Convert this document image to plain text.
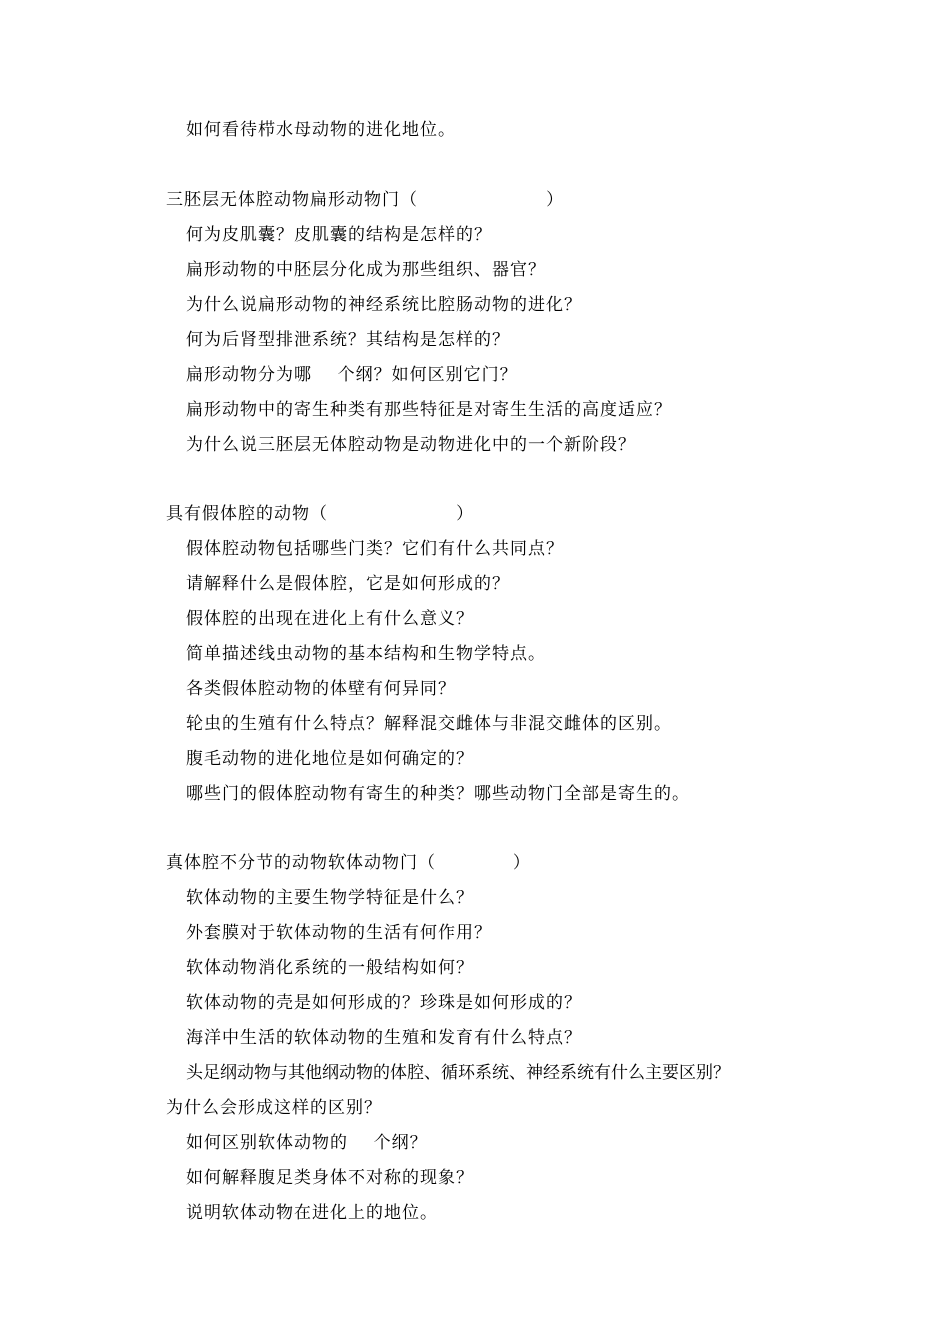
如何看待栉水母动物的进化地位。
三胚层无体腔动物扁形动物门（                    ）
何为皮肌囊？皮肌囊的结构是怎样的？
扁形动物的中胚层分化成为那些组织、器官？
为什么说扁形动物的神经系统比腔肠动物的进化？
何为后肾型排泄系统？其结构是怎样的？
扁形动物分为哪    个纲？如何区别它门？
扁形动物中的寄生种类有那些特征是对寄生生活的高度适应？
为什么说三胚层无体腔动物是动物进化中的一个新阶段？
具有假体腔的动物（                    ）
假体腔动物包括哪些门类？它们有什么共同点？
请解释什么是假体腔，它是如何形成的？
假体腔的出现在进化上有什么意义？
简单描述线虫动物的基本结构和生物学特点。
各类假体腔动物的体壁有何异同？
轮虫的生殖有什么特点？解释混交雌体与非混交雌体的区别。
腹毛动物的进化地位是如何确定的？
哪些门的假体腔动物有寄生的种类？哪些动物门全部是寄生的。
真体腔不分节的动物软体动物门（            ）
软体动物的主要生物学特征是什么？
外套膜对于软体动物的生活有何作用？
软体动物消化系统的一般结构如何？
软体动物的壳是如何形成的？珍珠是如何形成的？
海洋中生活的软体动物的生殖和发育有什么特点？
头足纲动物与其他纲动物的体腔、循环系统、神经系统有什么主要区别？
为什么会形成这样的区别？
如何区别软体动物的    个纲？
如何解释腹足类身体不对称的现象？
说明软体动物在进化上的地位。
